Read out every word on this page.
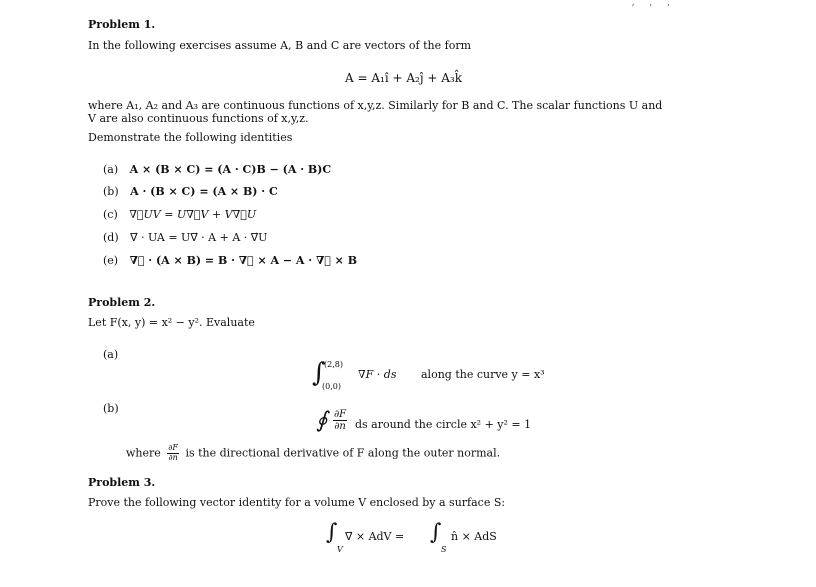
, , ,
Problem 1.
In the following exercises assume A, B and C are vectors of the form
A = A₁î + A₂ĵ + A₃k̂
where A₁, A₂ and A₃ are continuous functions of x,y,z. Similarly for B and C. The scalar functions U and
V are also continuous functions of x,y,z.
Demonstrate the following identities
(a) A × (B × C) = (A · C)B − (A · B)C
(b) A · (B × C) = (A × B) · C
(c) ∇⃗UV = U∇⃗V + V∇⃗U
(d) ∇⃗ · UA = U∇⃗ · A + A · ∇⃗U
(e) ∇⃗ · (A × B) = B · ∇⃗ × A − A · ∇⃗ × B
Problem 2.
Let F(x, y) = x² − y². Evaluate
(a)
∫
(2,8)
(0,0)
∇F · ds along the curve y = x³
(b)	∮ $\frac{\partial F}{\partial n}$ ds around the circle x² + y² = 1
where $\frac{\partial F}{\partial n}$ is the directional derivative of F along the outer normal.
Problem 3.
Prove the following vector identity for a volume V enclosed by a surface S:
∫
V
∇⃗ × AdV = ∫
S
n̂ × AdS
